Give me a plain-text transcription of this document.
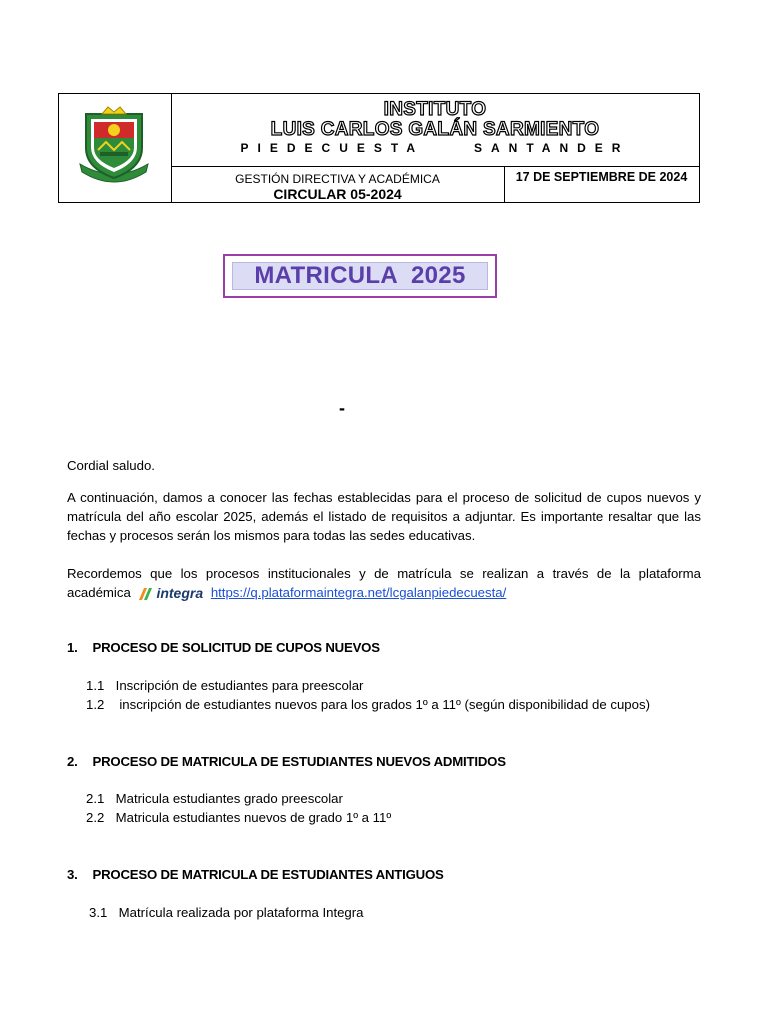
INSTITUTO
LUIS CARLOS GALÁN SARMIENTO
PIEDECUESTA	SANTANDER
GESTIÓN DIRECTIVA Y ACADÉMICA
CIRCULAR 05-2024
17 DE SEPTIEMBRE DE 2024
MATRICULA  2025
-
Cordial saludo.
A continuación, damos a conocer las fechas establecidas para el proceso de solicitud de cupos nuevos y matrícula del año escolar 2025, además el listado de requisitos a adjuntar. Es importante resaltar que las fechas y procesos serán los mismos para todas las sedes educativas.
Recordemos que los procesos institucionales y de matrícula se realizan a través de la plataforma académica integra https://q.plataformaintegra.net/lcgalanpiedecuesta/
1. PROCESO DE SOLICITUD DE CUPOS NUEVOS
1.1 Inscripción de estudiantes para preescolar
1.2  inscripción de estudiantes nuevos para los grados 1º a 11º (según disponibilidad de cupos)
2. PROCESO DE MATRICULA DE ESTUDIANTES NUEVOS ADMITIDOS
2.1 Matricula estudiantes grado preescolar
2.2 Matricula estudiantes nuevos de grado 1º a 11º
3. PROCESO DE MATRICULA DE ESTUDIANTES ANTIGUOS
3.1 Matrícula realizada por plataforma Integra
